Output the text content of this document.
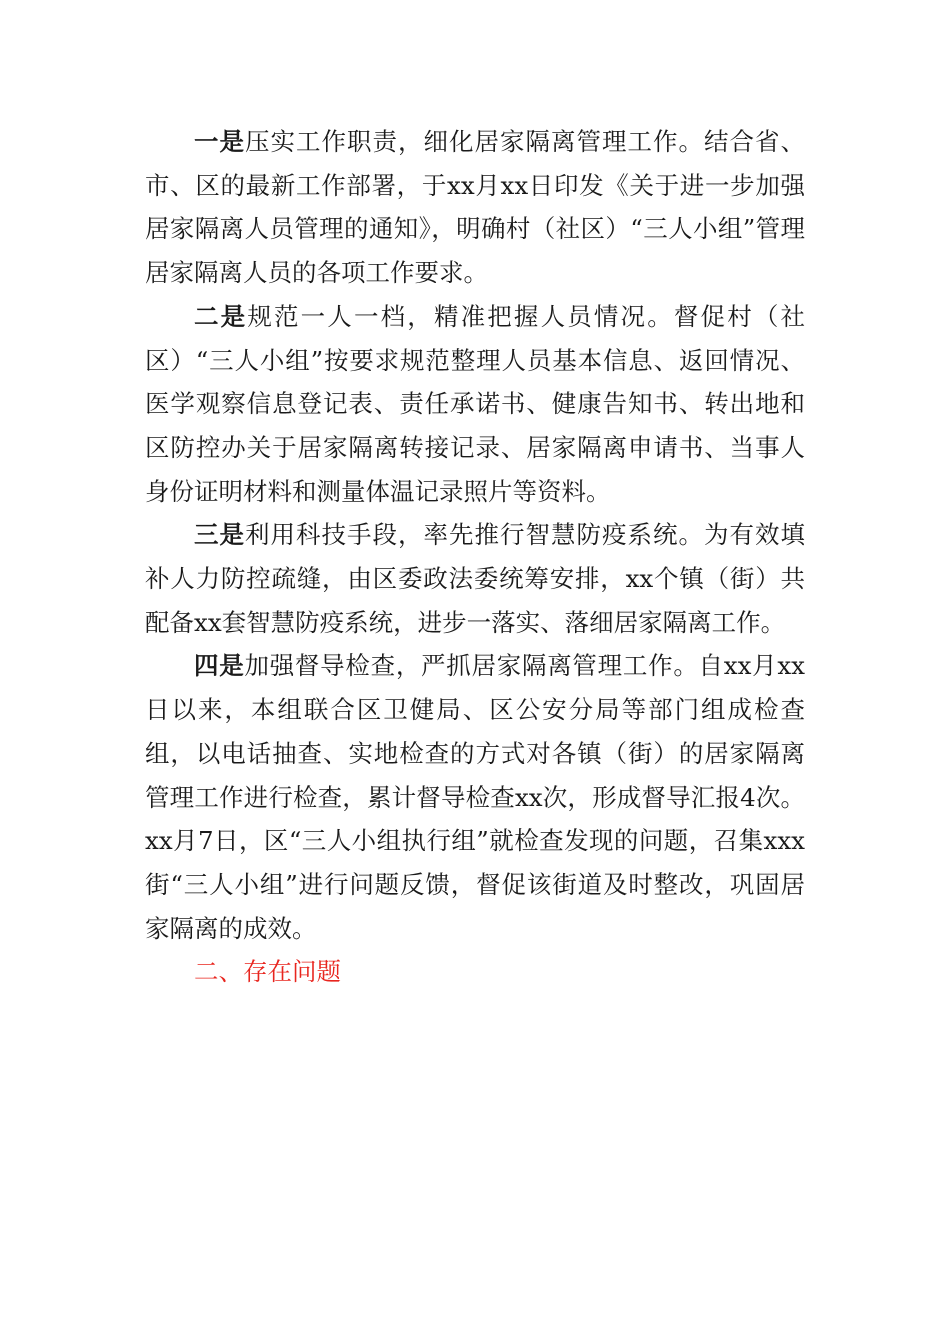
一是压实工作职责，细化居家隔离管理工作。结合省、市、区的最新工作部署，于xx月xx日印发《关于进一步加强居家隔离人员管理的通知》，明确村（社区）“三人小组”管理居家隔离人员的各项工作要求。

二是规范一人一档，精准把握人员情况。督促村（社区）“三人小组”按要求规范整理人员基本信息、返回情况、医学观察信息登记表、责任承诺书、健康告知书、转出地和区防控办关于居家隔离转接记录、居家隔离申请书、当事人身份证明材料和测量体温记录照片等资料。

三是利用科技手段，率先推行智慧防疫系统。为有效填补人力防控疏缝，由区委政法委统筹安排，xx个镇（街）共配备xx套智慧防疫系统，进步一落实、落细居家隔离工作。

四是加强督导检查，严抓居家隔离管理工作。自xx月xx日以来，本组联合区卫健局、区公安分局等部门组成检查组，以电话抽查、实地检查的方式对各镇（街）的居家隔离管理工作进行检查，累计督导检查xx次，形成督导汇报4次。xx月7日，区“三人小组执行组”就检查发现的问题，召集xxx街“三人小组”进行问题反馈，督促该街道及时整改，巩固居家隔离的成效。

二、存在问题
